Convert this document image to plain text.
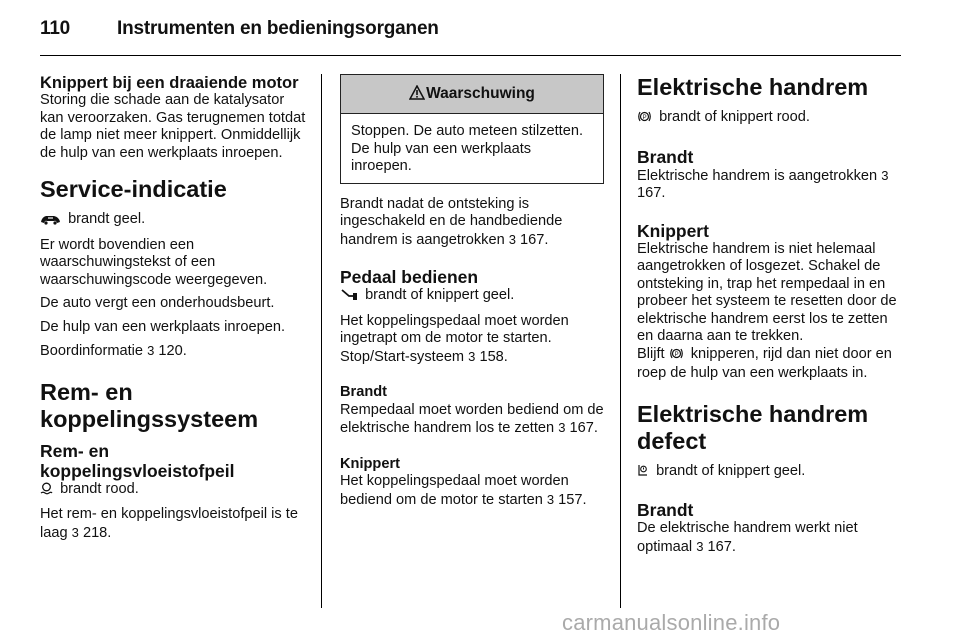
110	Instrumenten en bedieningsorganen
Knippert bij een draaiende motor

Storing die schade aan de katalysator kan veroorzaken. Gas terugnemen totdat de lamp niet meer knippert. Onmiddellijk de hulp van een werkplaats inroepen.

Service-indicatie

brandt geel.

Er wordt bovendien een waarschuwingstekst of een waarschuwingscode weergegeven.

De auto vergt een onderhoudsbeurt.

De hulp van een werkplaats inroepen.

Boordinformatie 3 120.

Rem- en koppelingssysteem
Rem- en koppelingsvloeistofpeil

brandt rood.

Het rem- en koppelingsvloeistofpeil is te laag 3 218.

Waarschuwing
Stoppen. De auto meteen stilzetten. De hulp van een werkplaats inroepen.

Brandt nadat de ontsteking is ingeschakeld en de handbediende handrem is aangetrokken 3 167.

Pedaal bedienen

brandt of knippert geel.

Het koppelingspedaal moet worden ingetrapt om de motor te starten. Stop/Start-systeem 3 158.

Brandt

Rempedaal moet worden bediend om de elektrische handrem los te zetten 3 167.

Knippert

Het koppelingspedaal moet worden bediend om de motor te starten 3 157.

Elektrische handrem

P brandt of knippert rood.

Brandt

Elektrische handrem is aangetrokken 3 167.

Knippert

Elektrische handrem is niet helemaal aangetrokken of losgezet. Schakel de ontsteking in, trap het rempedaal in en probeer het systeem te resetten door de elektrische handrem eerst los te zetten en daarna aan te trekken.

Blijft P knipperen, rijd dan niet door en roep de hulp van een werkplaats in.

Elektrische handrem defect

brandt of knippert geel.

Brandt

De elektrische handrem werkt niet optimaal 3 167.

carmanualsonline.info
